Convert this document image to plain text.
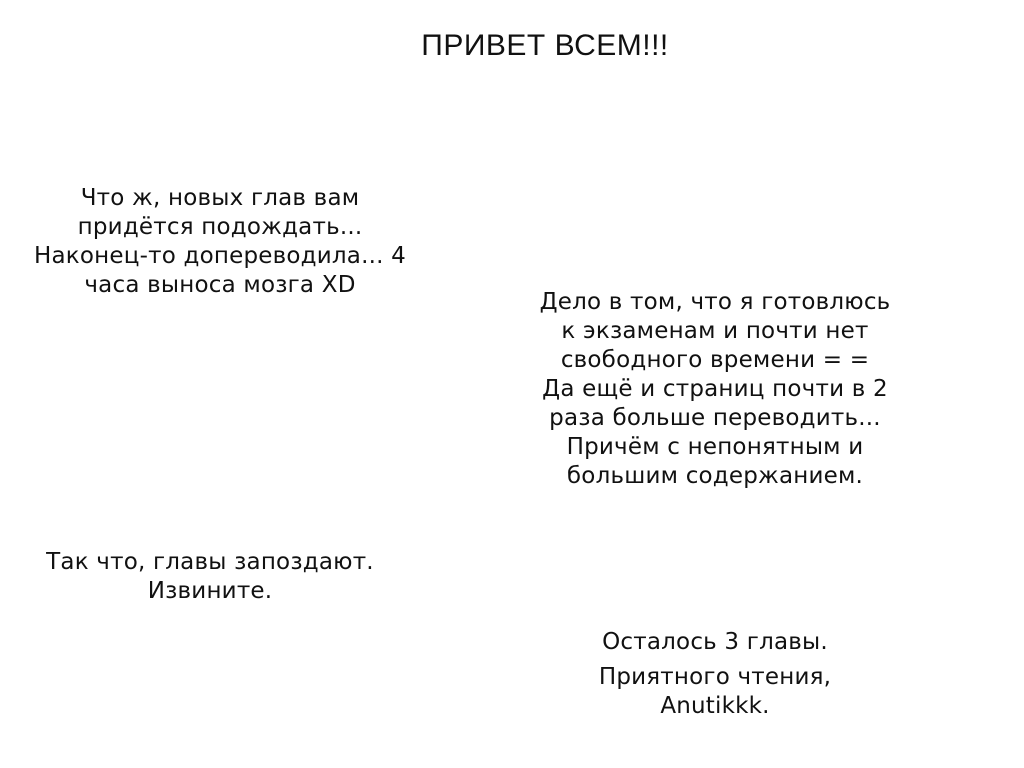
ПРИВЕТ ВСЕМ!!!
Что ж, новых глав вам
придётся подождать...
Наконец-то допереводила... 4
часа выноса мозга XD
Дело в том, что я готовлюсь
к экзаменам и почти нет
свободного времени = =
Да ещё и страниц почти в 2
раза больше переводить...
Причём с непонятным и
большим содержанием.
Так что, главы запоздают.
Извините.
Осталось 3 главы.
Приятного чтения,
Anutikkk.
